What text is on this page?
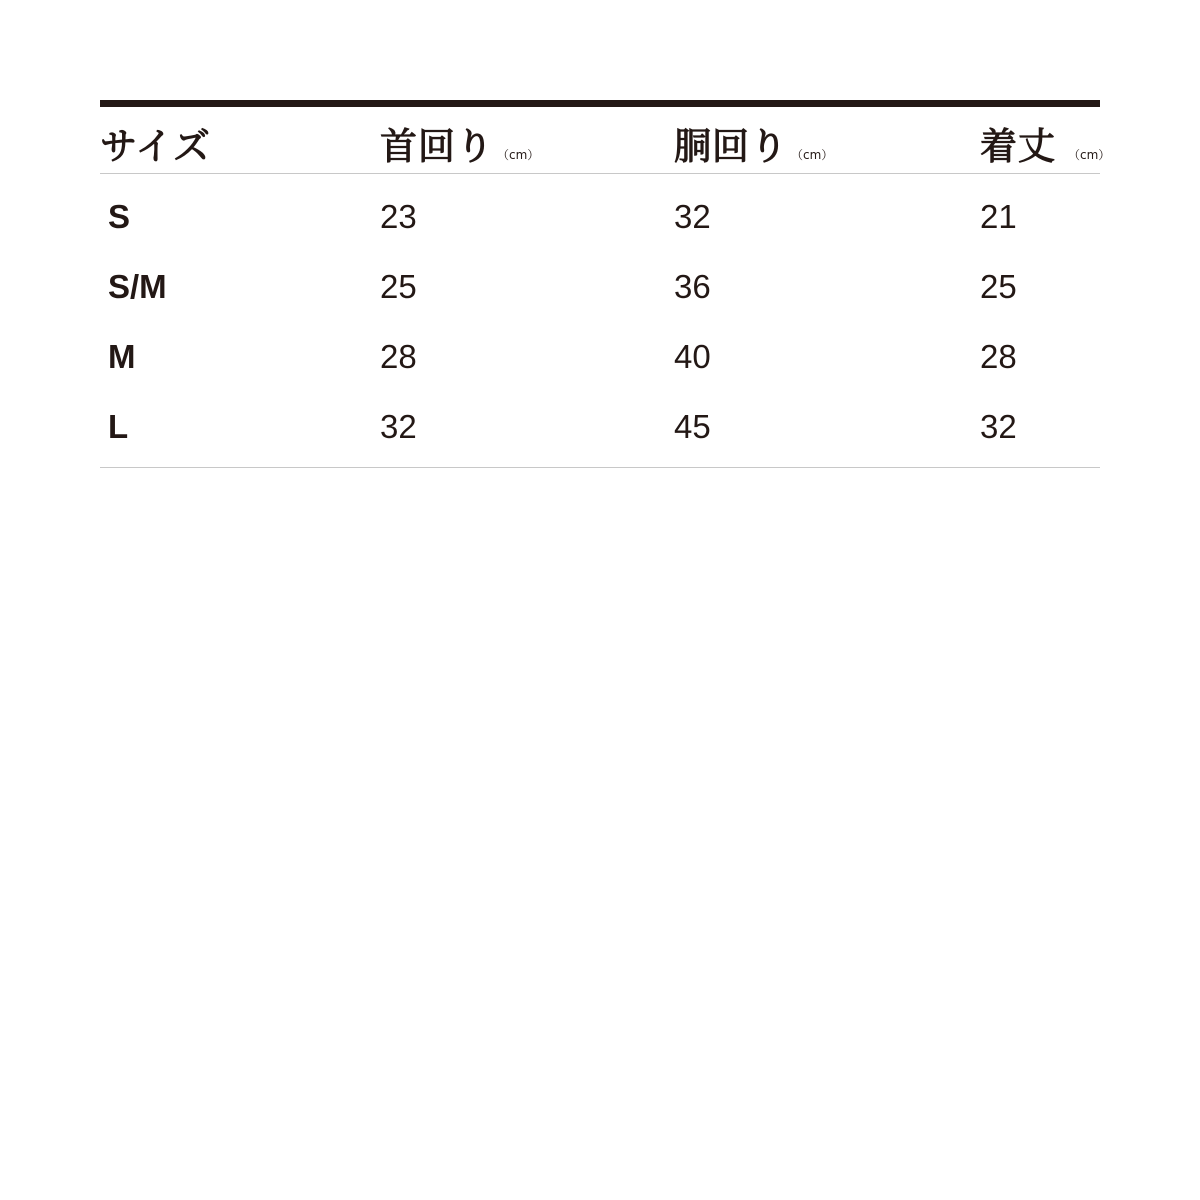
サイズ	首回り （cm）	胴回り （cm）	着丈 （cm）
S	23	32	21
S/M	25	36	25
M	28	40	28
L	32	45	32
